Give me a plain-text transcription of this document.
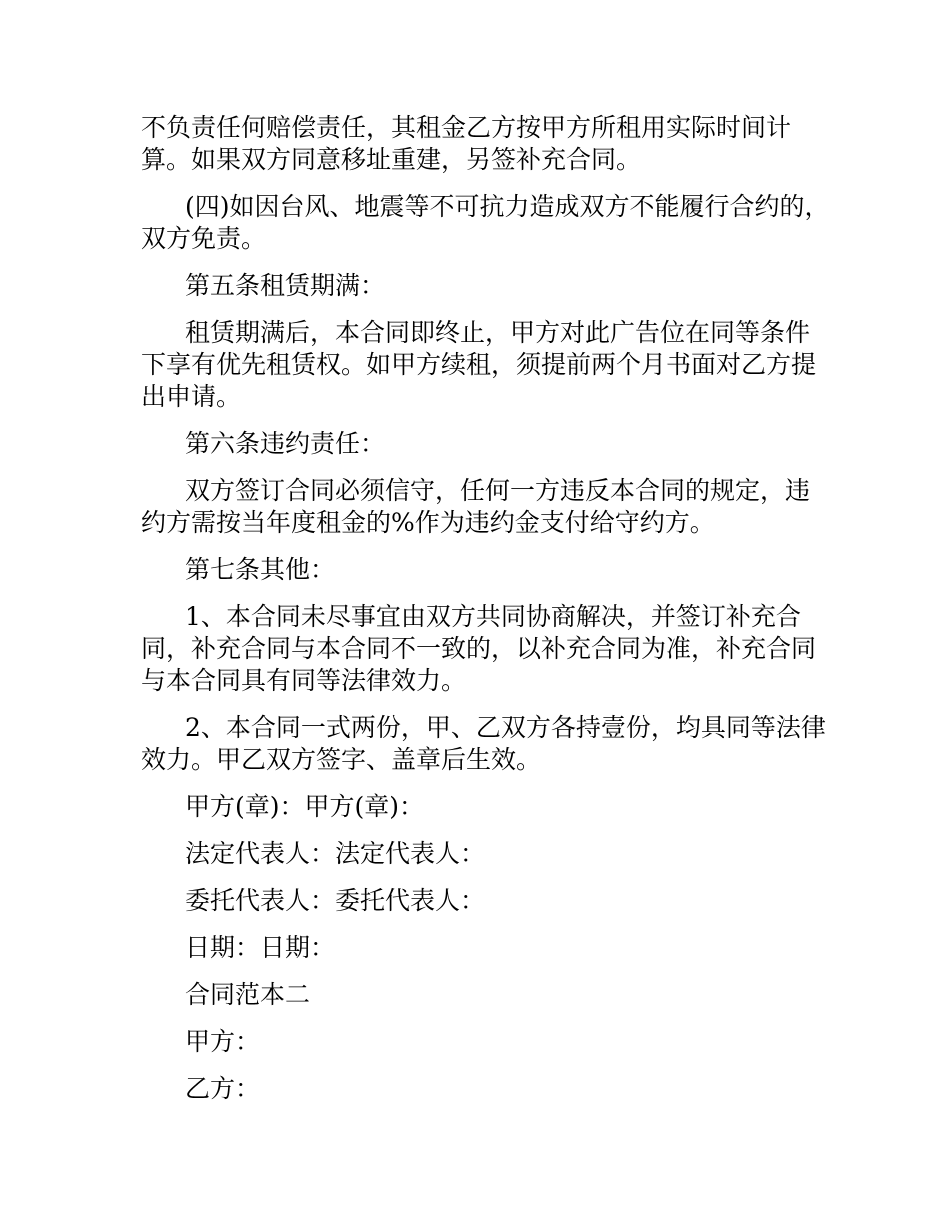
不负责任何赔偿责任，其租金乙方按甲方所租用实际时间计算。如果双方同意移址重建，另签补充合同。

(四)如因台风、地震等不可抗力造成双方不能履行合约的，双方免责。

第五条租赁期满：

租赁期满后，本合同即终止，甲方对此广告位在同等条件下享有优先租赁权。如甲方续租，须提前两个月书面对乙方提出申请。

第六条违约责任：

双方签订合同必须信守，任何一方违反本合同的规定，违约方需按当年度租金的%作为违约金支付给守约方。

第七条其他：

1、本合同未尽事宜由双方共同协商解决，并签订补充合同，补充合同与本合同不一致的，以补充合同为准，补充合同与本合同具有同等法律效力。

2、本合同一式两份，甲、乙双方各持壹份，均具同等法律效力。甲乙双方签字、盖章后生效。

甲方(章)：甲方(章)：

法定代表人：法定代表人：

委托代表人：委托代表人：

日期：日期：

合同范本二

甲方：

乙方：
